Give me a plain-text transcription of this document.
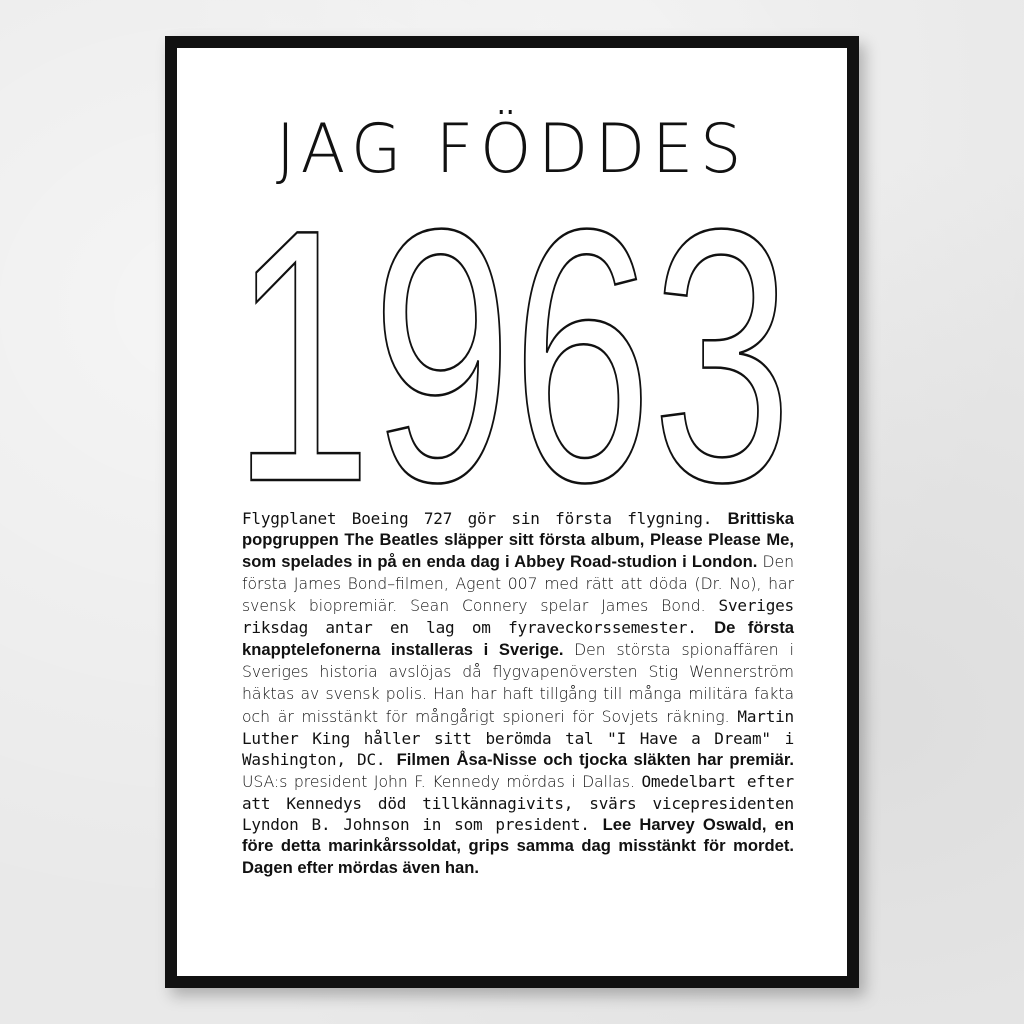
JAG FÖDDES
1963
Flygplanet Boeing 727 gör sin första flygning. Brittiska popgruppen The Beatles släpper sitt första album, Please Please Me, som spelades in på en enda dag i Abbey Road-studion i London. Den första James Bond–filmen, Agent 007 med rätt att döda (Dr. No), har svensk biopremiär. Sean Connery spelar James Bond. Sveriges riksdag antar en lag om fyraveckorssemester. De första knapptelefonerna installeras i Sverige. Den största spionaffären i Sveriges historia avslöjas då flygvapenöversten Stig Wennerström häktas av svensk polis. Han har haft tillgång till många militära fakta och är misstänkt för mångårigt spioneri för Sovjets räkning. Martin Luther King håller sitt berömda tal "I Have a Dream" i Washington, DC. Filmen Åsa-Nisse och tjocka släkten har premiär. USA:s president John F. Kennedy mördas i Dallas. Omedelbart efter att Kennedys död tillkännagivits, svärs vicepresidenten Lyndon B. Johnson in som president. Lee Harvey Oswald, en före detta marinkårssoldat, grips samma dag misstänkt för mordet. Dagen efter mördas även han.
